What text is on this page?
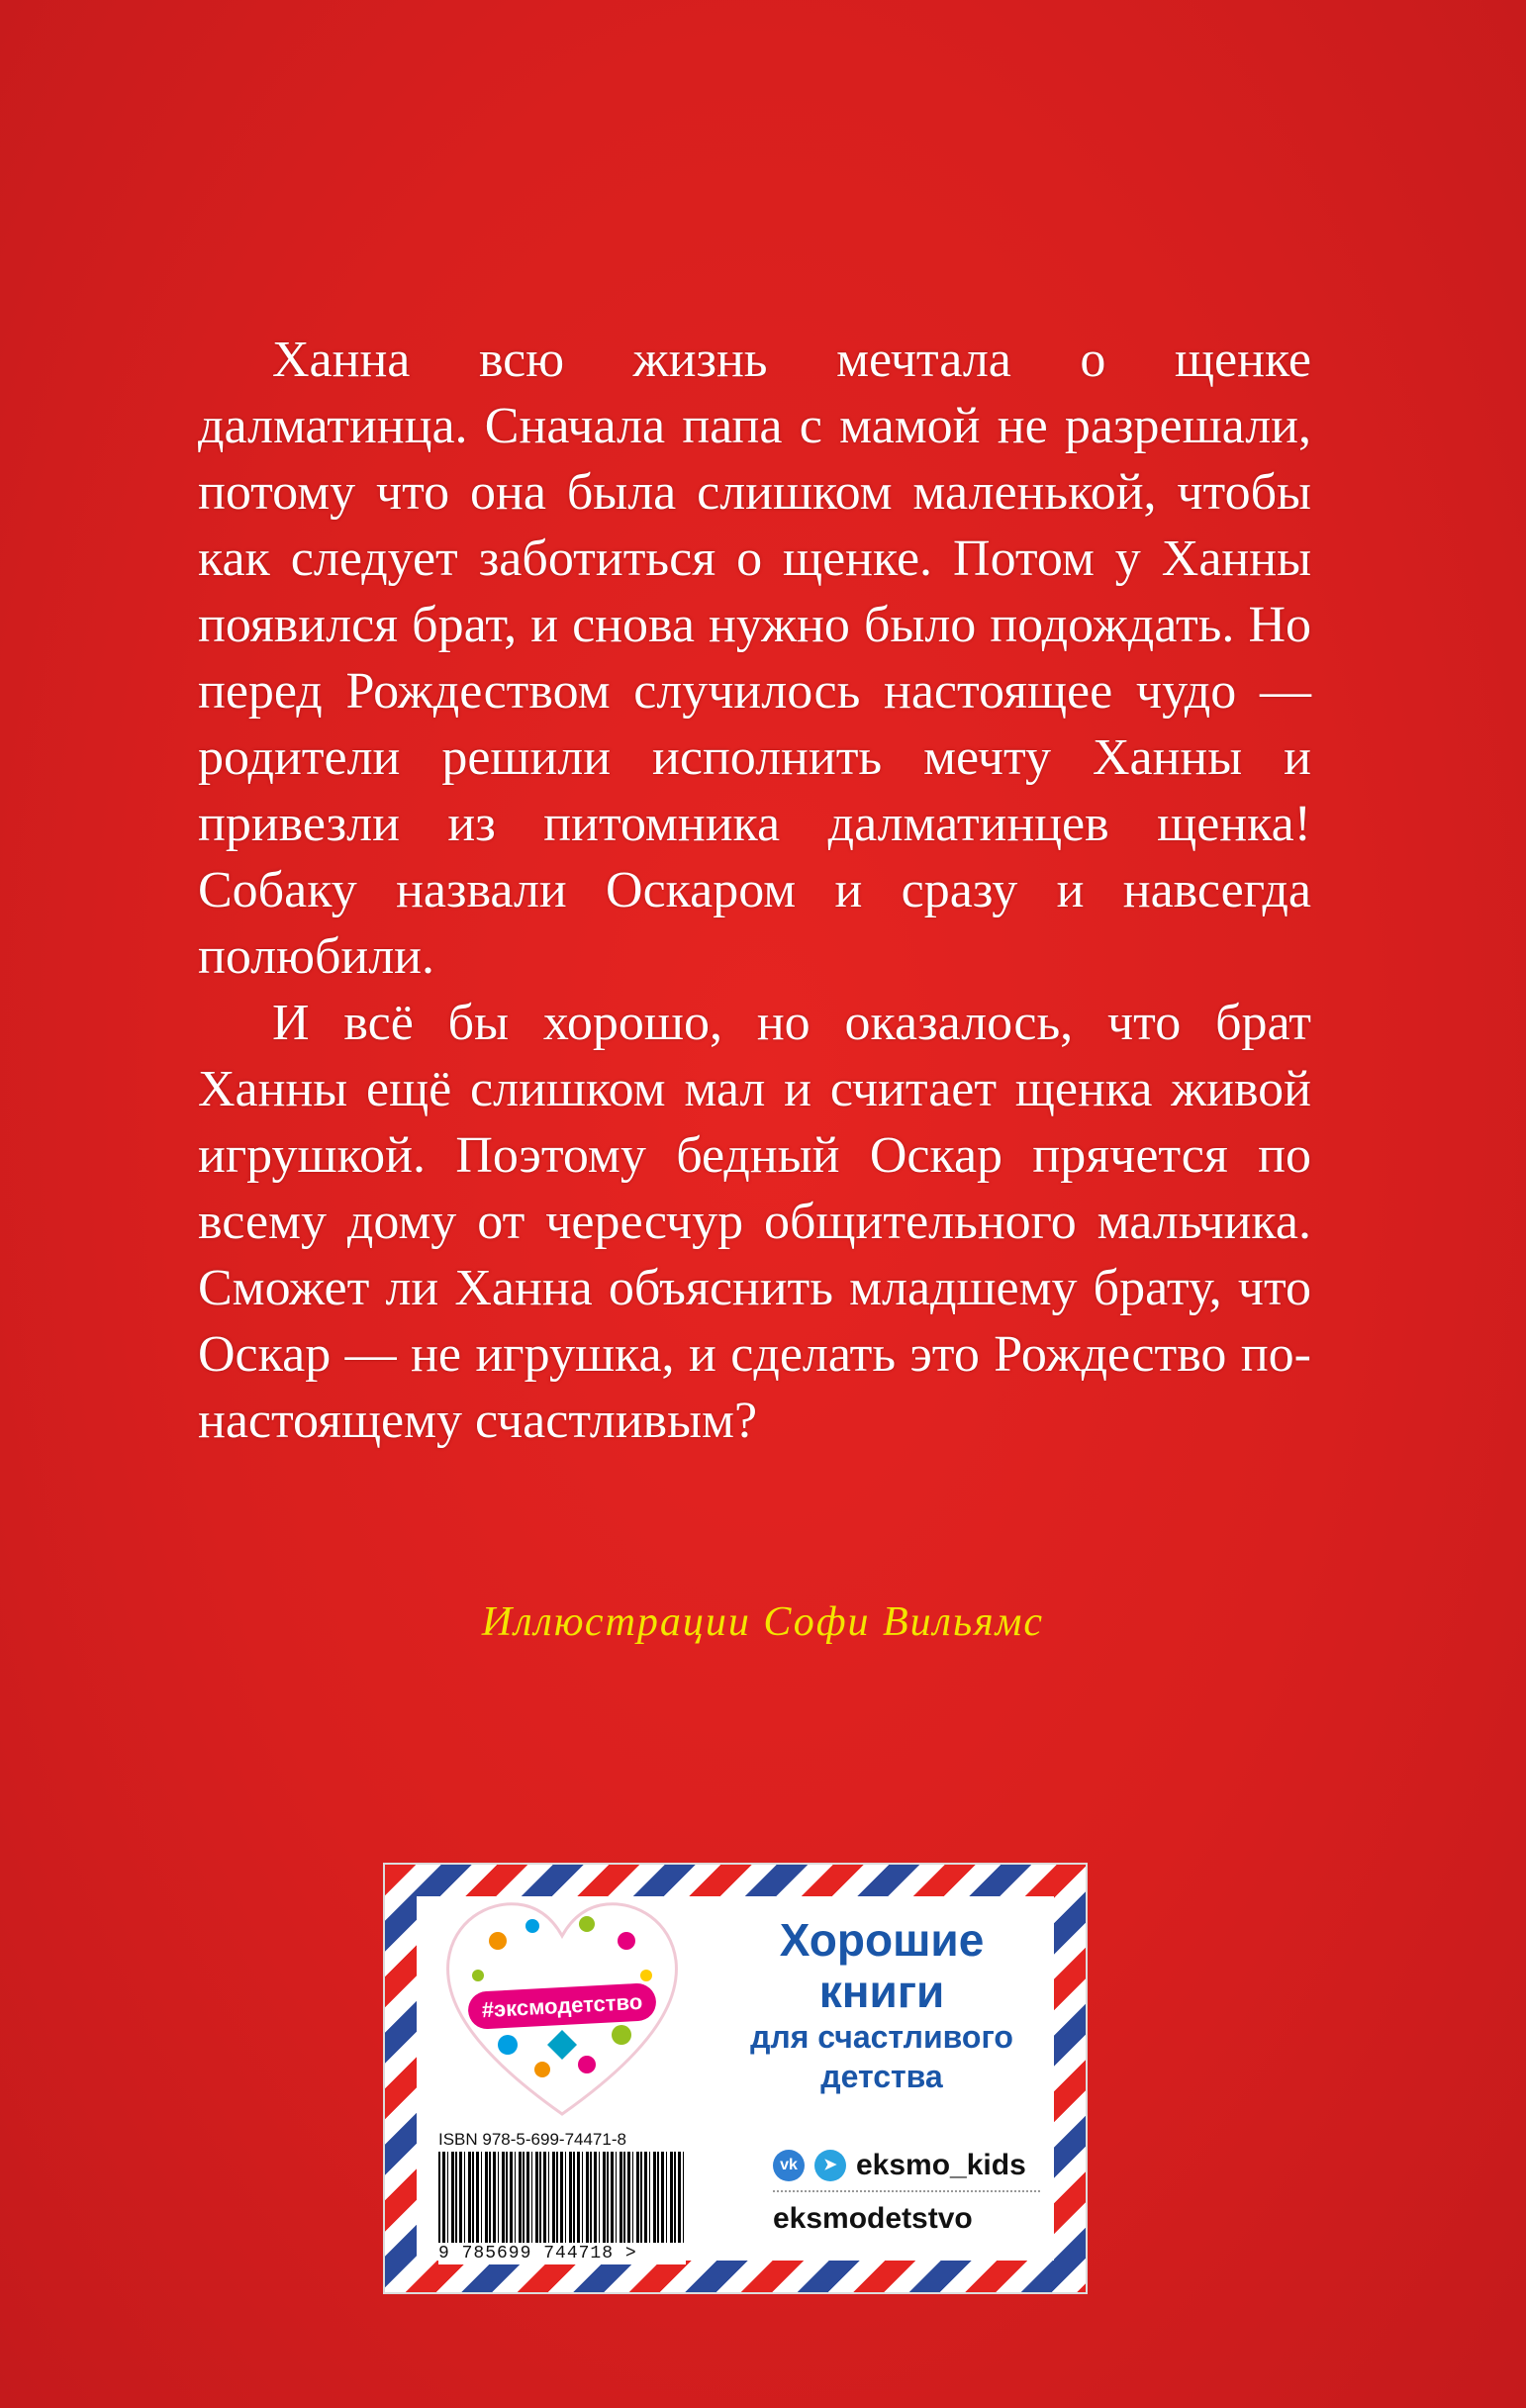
Ханна всю жизнь мечтала о щенке далматинца. Сначала папа с мамой не разрешали, потому что она была слишком маленькой, чтобы как следует заботиться о щенке. Потом у Ханны появился брат, и снова нужно было подождать. Но перед Рождеством случилось настоящее чудо — родители решили исполнить мечту Ханны и привезли из питомника далматинцев щенка! Собаку назвали Оскаром и сразу и навсегда полюбили.

И всё бы хорошо, но оказалось, что брат Ханны ещё слишком мал и считает щенка живой игрушкой. Поэтому бедный Оскар прячется по всему дому от чересчур общительного мальчика. Сможет ли Ханна объяснить младшему брату, что Оскар — не игрушка, и сделать это Рождество по-настоящему счастливым?

Иллюстрации Софи Вильямс
#эксмодетство
Хорошие
книги
для счастливого
детства
ISBN 978-5-699-74471-8
9 785699 744718 >
vk	➤ eksmo_kids
eksmodetstvo
